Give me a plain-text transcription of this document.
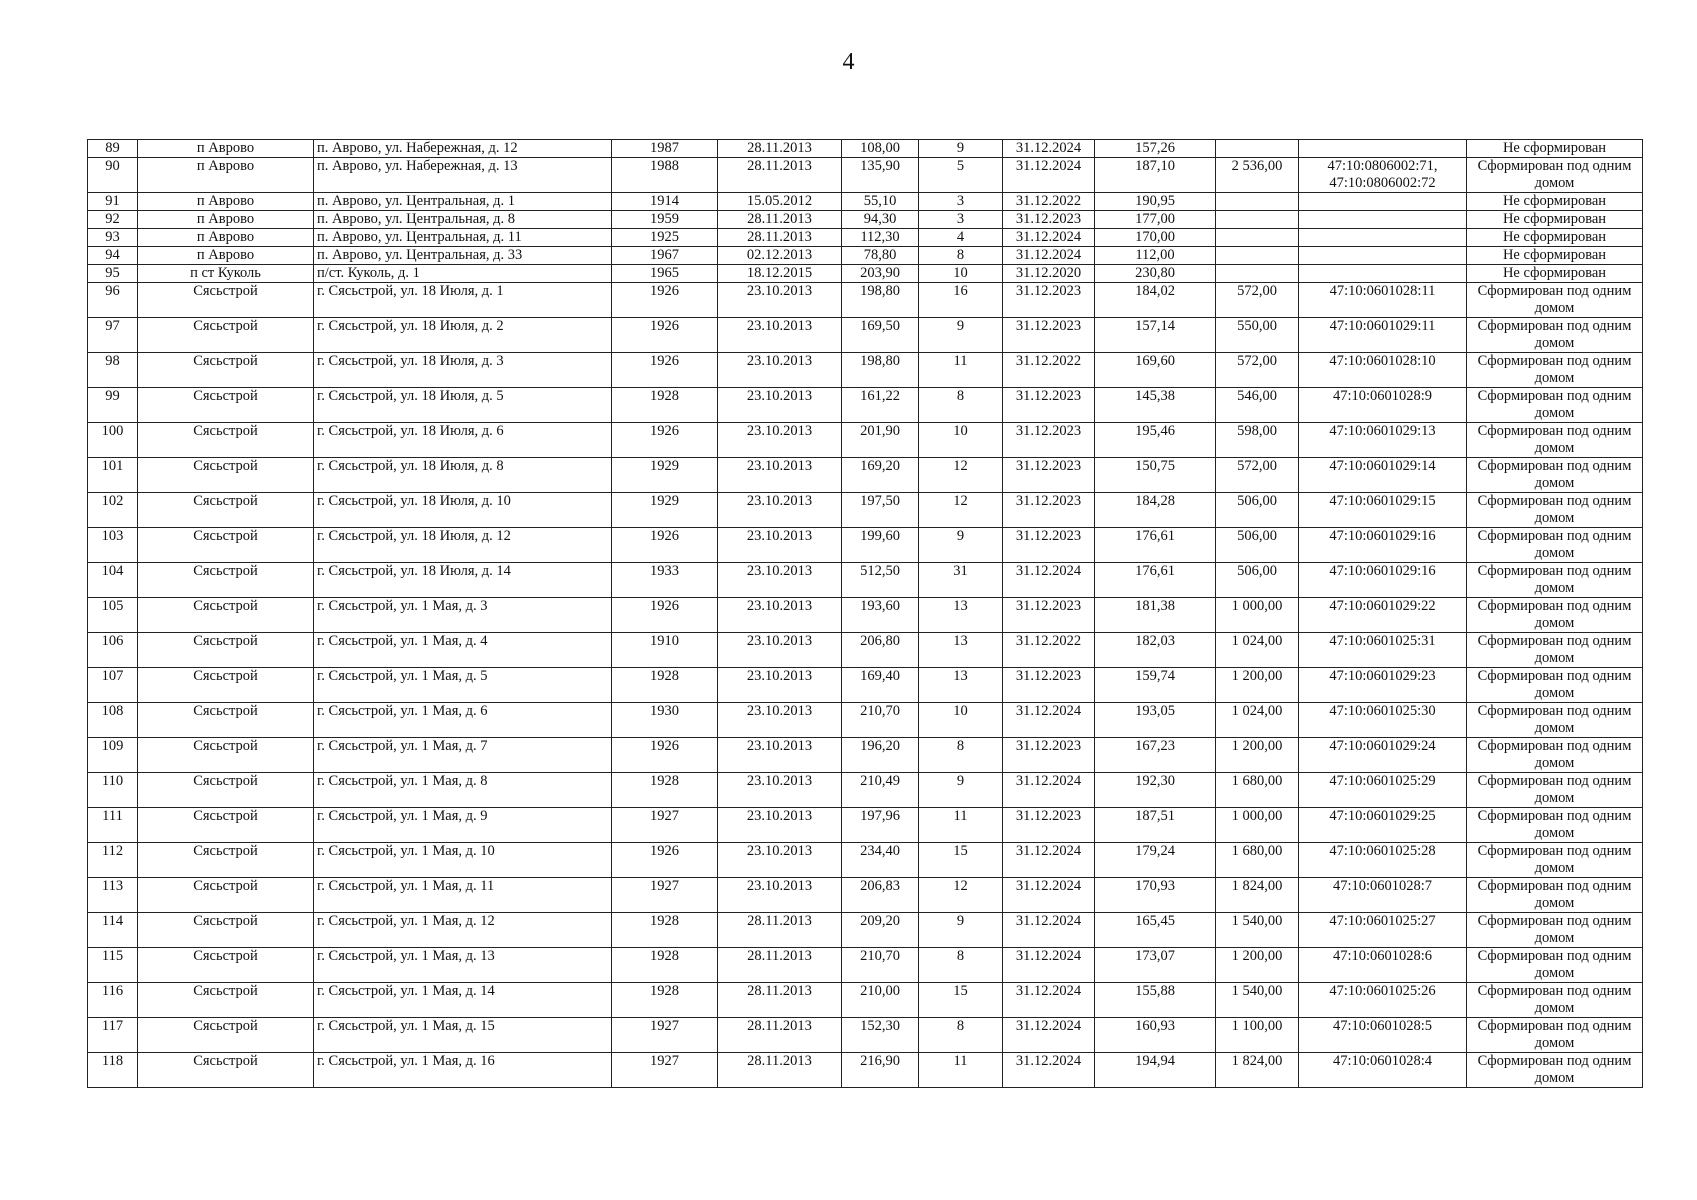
4
89	п Аврово	п. Аврово, ул. Набережная, д. 12	1987	28.11.2013	108,00	9	31.12.2024	157,26			Не сформирован
90	п Аврово	п. Аврово, ул. Набережная, д. 13	1988	28.11.2013	135,90	5	31.12.2024	187,10	2 536,00	47:10:0806002:71, 47:10:0806002:72	Сформирован под одним домом
91	п Аврово	п. Аврово, ул. Центральная, д. 1	1914	15.05.2012	55,10	3	31.12.2022	190,95			Не сформирован
92	п Аврово	п. Аврово, ул. Центральная, д. 8	1959	28.11.2013	94,30	3	31.12.2023	177,00			Не сформирован
93	п Аврово	п. Аврово, ул. Центральная, д. 11	1925	28.11.2013	112,30	4	31.12.2024	170,00			Не сформирован
94	п Аврово	п. Аврово, ул. Центральная, д. 33	1967	02.12.2013	78,80	8	31.12.2024	112,00			Не сформирован
95	п ст Куколь	п/ст. Куколь, д. 1	1965	18.12.2015	203,90	10	31.12.2020	230,80			Не сформирован
96	Сясьстрой	г. Сясьстрой, ул. 18 Июля, д. 1	1926	23.10.2013	198,80	16	31.12.2023	184,02	572,00	47:10:0601028:11	Сформирован под одним домом
97	Сясьстрой	г. Сясьстрой, ул. 18 Июля, д. 2	1926	23.10.2013	169,50	9	31.12.2023	157,14	550,00	47:10:0601029:11	Сформирован под одним домом
98	Сясьстрой	г. Сясьстрой, ул. 18 Июля, д. 3	1926	23.10.2013	198,80	11	31.12.2022	169,60	572,00	47:10:0601028:10	Сформирован под одним домом
99	Сясьстрой	г. Сясьстрой, ул. 18 Июля, д. 5	1928	23.10.2013	161,22	8	31.12.2023	145,38	546,00	47:10:0601028:9	Сформирован под одним домом
100	Сясьстрой	г. Сясьстрой, ул. 18 Июля, д. 6	1926	23.10.2013	201,90	10	31.12.2023	195,46	598,00	47:10:0601029:13	Сформирован под одним домом
101	Сясьстрой	г. Сясьстрой, ул. 18 Июля, д. 8	1929	23.10.2013	169,20	12	31.12.2023	150,75	572,00	47:10:0601029:14	Сформирован под одним домом
102	Сясьстрой	г. Сясьстрой, ул. 18 Июля, д. 10	1929	23.10.2013	197,50	12	31.12.2023	184,28	506,00	47:10:0601029:15	Сформирован под одним домом
103	Сясьстрой	г. Сясьстрой, ул. 18 Июля, д. 12	1926	23.10.2013	199,60	9	31.12.2023	176,61	506,00	47:10:0601029:16	Сформирован под одним домом
104	Сясьстрой	г. Сясьстрой, ул. 18 Июля, д. 14	1933	23.10.2013	512,50	31	31.12.2024	176,61	506,00	47:10:0601029:16	Сформирован под одним домом
105	Сясьстрой	г. Сясьстрой, ул. 1 Мая, д. 3	1926	23.10.2013	193,60	13	31.12.2023	181,38	1 000,00	47:10:0601029:22	Сформирован под одним домом
106	Сясьстрой	г. Сясьстрой, ул. 1 Мая, д. 4	1910	23.10.2013	206,80	13	31.12.2022	182,03	1 024,00	47:10:0601025:31	Сформирован под одним домом
107	Сясьстрой	г. Сясьстрой, ул. 1 Мая, д. 5	1928	23.10.2013	169,40	13	31.12.2023	159,74	1 200,00	47:10:0601029:23	Сформирован под одним домом
108	Сясьстрой	г. Сясьстрой, ул. 1 Мая, д. 6	1930	23.10.2013	210,70	10	31.12.2024	193,05	1 024,00	47:10:0601025:30	Сформирован под одним домом
109	Сясьстрой	г. Сясьстрой, ул. 1 Мая, д. 7	1926	23.10.2013	196,20	8	31.12.2023	167,23	1 200,00	47:10:0601029:24	Сформирован под одним домом
110	Сясьстрой	г. Сясьстрой, ул. 1 Мая, д. 8	1928	23.10.2013	210,49	9	31.12.2024	192,30	1 680,00	47:10:0601025:29	Сформирован под одним домом
111	Сясьстрой	г. Сясьстрой, ул. 1 Мая, д. 9	1927	23.10.2013	197,96	11	31.12.2023	187,51	1 000,00	47:10:0601029:25	Сформирован под одним домом
112	Сясьстрой	г. Сясьстрой, ул. 1 Мая, д. 10	1926	23.10.2013	234,40	15	31.12.2024	179,24	1 680,00	47:10:0601025:28	Сформирован под одним домом
113	Сясьстрой	г. Сясьстрой, ул. 1 Мая, д. 11	1927	23.10.2013	206,83	12	31.12.2024	170,93	1 824,00	47:10:0601028:7	Сформирован под одним домом
114	Сясьстрой	г. Сясьстрой, ул. 1 Мая, д. 12	1928	28.11.2013	209,20	9	31.12.2024	165,45	1 540,00	47:10:0601025:27	Сформирован под одним домом
115	Сясьстрой	г. Сясьстрой, ул. 1 Мая, д. 13	1928	28.11.2013	210,70	8	31.12.2024	173,07	1 200,00	47:10:0601028:6	Сформирован под одним домом
116	Сясьстрой	г. Сясьстрой, ул. 1 Мая, д. 14	1928	28.11.2013	210,00	15	31.12.2024	155,88	1 540,00	47:10:0601025:26	Сформирован под одним домом
117	Сясьстрой	г. Сясьстрой, ул. 1 Мая, д. 15	1927	28.11.2013	152,30	8	31.12.2024	160,93	1 100,00	47:10:0601028:5	Сформирован под одним домом
118	Сясьстрой	г. Сясьстрой, ул. 1 Мая, д. 16	1927	28.11.2013	216,90	11	31.12.2024	194,94	1 824,00	47:10:0601028:4	Сформирован под одним домом
